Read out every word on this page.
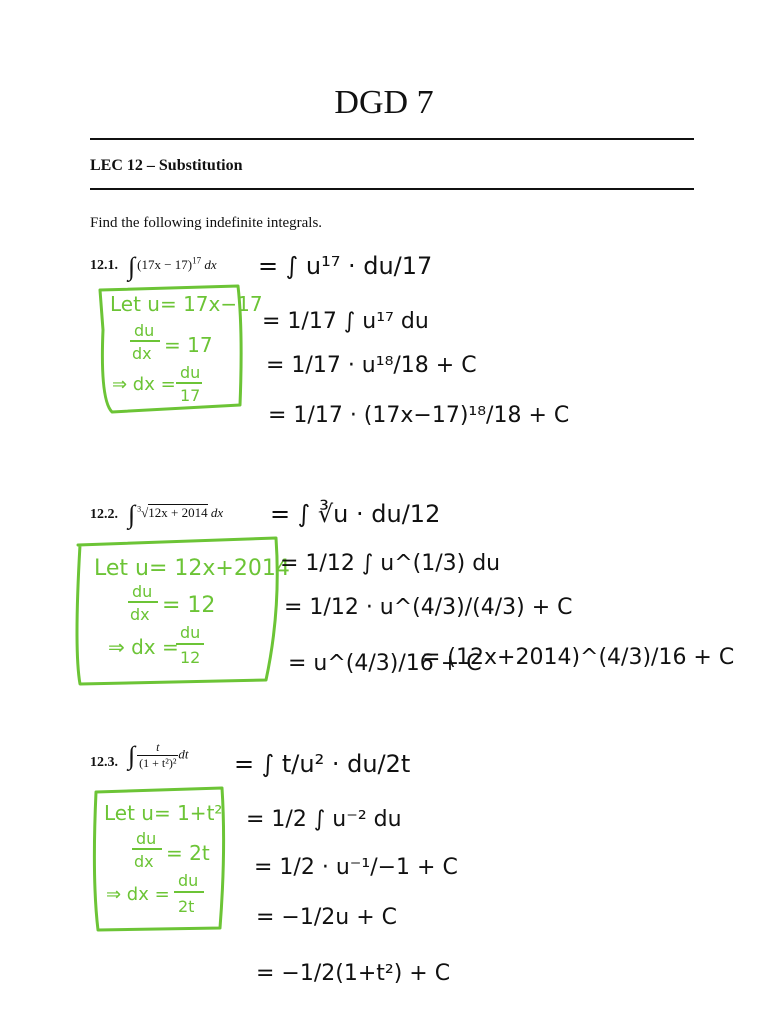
DGD 7
LEC 12 – Substitution
Find the following indefinite integrals.
12.1. ∫ $(17x - 17)^{17}$ dx
12.2. ∫ $^3$√12x + 2014 dx
12.3. ∫ $\frac{t}{\text{(1 + t²)²}}$ dt
Let u= 17x−17
du
dx = 17
⇒ dx =
du
17
= ∫ u¹⁷ · du/17
= 1/17 ∫ u¹⁷ du
= 1/17 · u¹⁸/18 + C
= 1/17 · (17x−17)¹⁸/18 + C
Let u= 12x+2014
du
dx = 12
⇒ dx =
du
12
= ∫ ∛u · du/12
= 1/12 ∫ u^(1/3) du
= 1/12 · u^(4/3)/(4/3) + C
= u^(4/3)/16 + C
= (12x+2014)^(4/3)/16 + C
Let u= 1+t²
du
dx = 2t
⇒ dx =
du
2t
= ∫ t/u² · du/2t
= 1/2 ∫ u⁻² du
= 1/2 · u⁻¹/−1 + C
= −1/2u + C
= −1/2(1+t²) + C
